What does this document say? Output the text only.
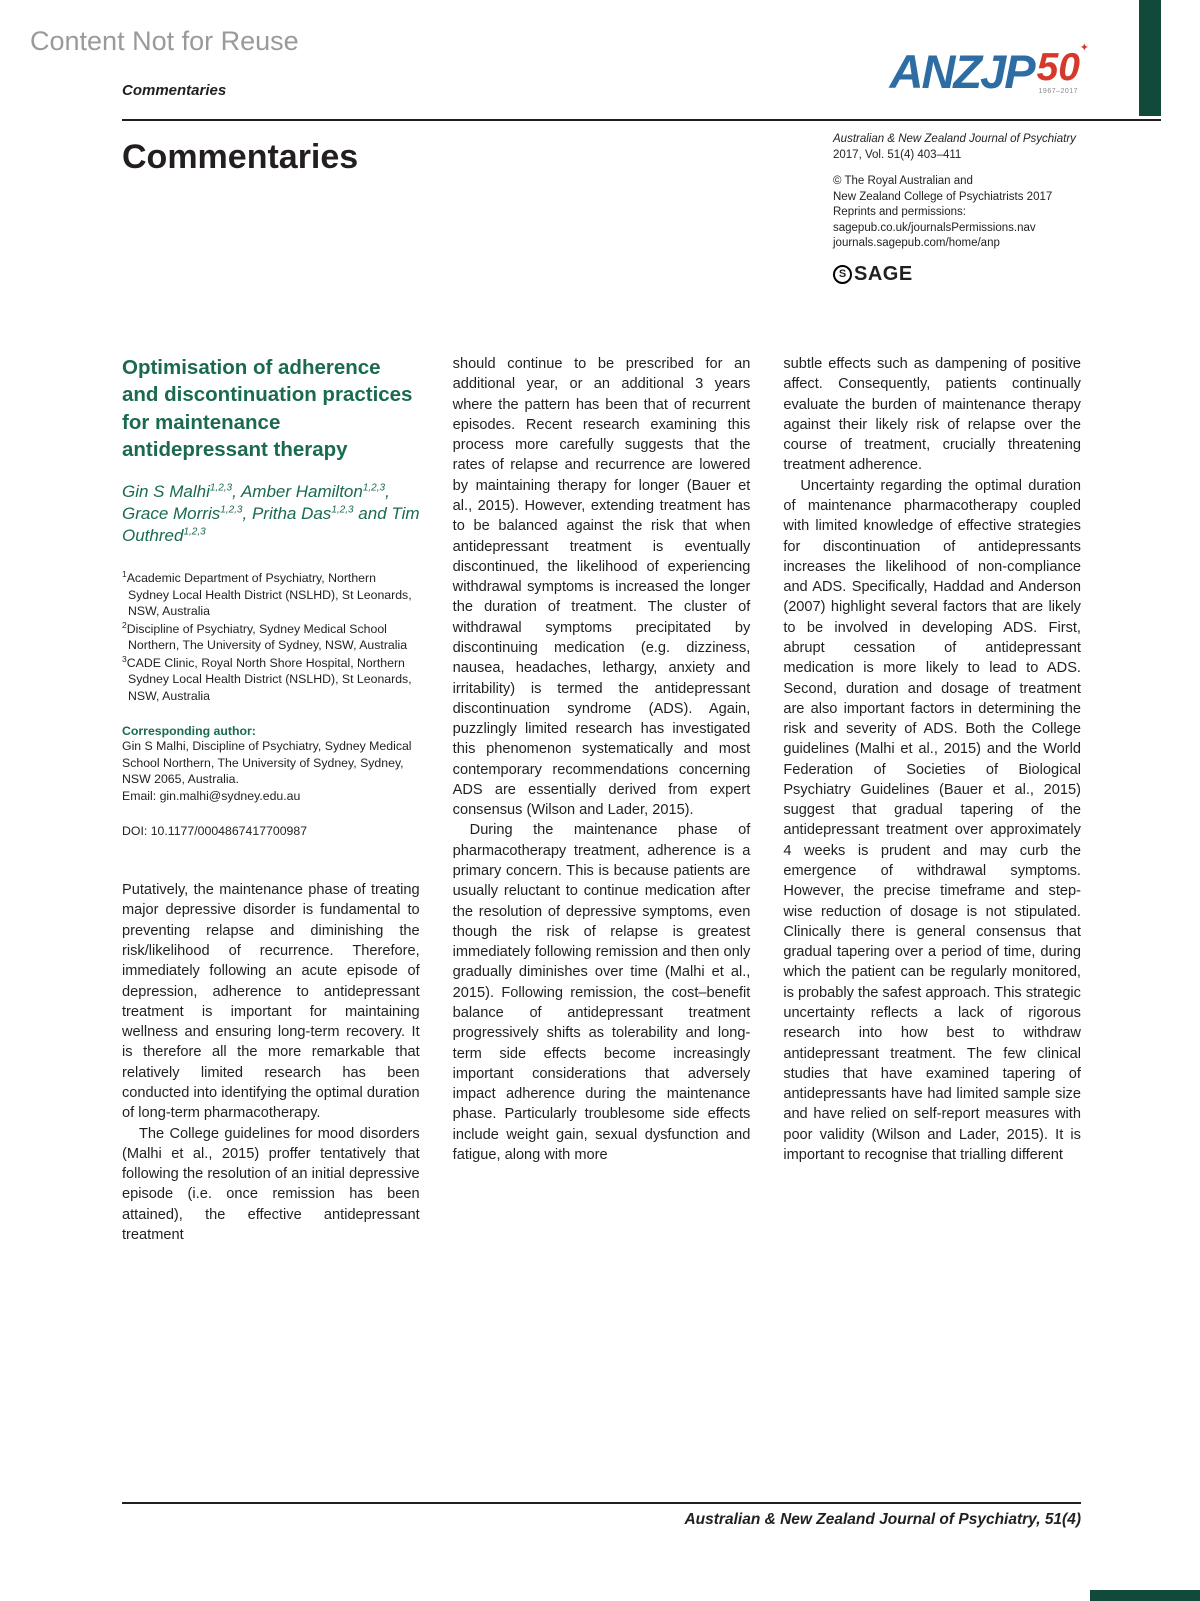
Content Not for Reuse
Commentaries	ANZJP	✦
50
1967–2017
Commentaries	Australian & New Zealand Journal of Psychiatry

2017, Vol. 51(4) 403–411

© The Royal Australian and

New Zealand College of Psychiatrists 2017

Reprints and permissions:

sagepub.co.uk/journalsPermissions.nav

journals.sagepub.com/home/anp

S SAGE
Optimisation of adherence and discontinuation practices for maintenance antidepressant therapy

Gin S Malhi$^{1,2,3}$, Amber Hamilton$^{1,2,3}$, Grace Morris$^{1,2,3}$, Pritha Das$^{1,2,3}$ and Tim Outhred$^{1,2,3}$

$^1$Academic Department of Psychiatry, Northern Sydney Local Health District (NSLHD), St Leonards, NSW, Australia

$^2$Discipline of Psychiatry, Sydney Medical School Northern, The University of Sydney, NSW, Australia

$^3$CADE Clinic, Royal North Shore Hospital, Northern Sydney Local Health District (NSLHD), St Leonards, NSW, Australia

Corresponding author:

Gin S Malhi, Discipline of Psychiatry, Sydney Medical School Northern, The University of Sydney, Sydney, NSW 2065, Australia.

Email: gin.malhi@sydney.edu.au

DOI: 10.1177/0004867417700987

Putatively, the maintenance phase of treating major depressive disorder is fundamental to preventing relapse and diminishing the risk/likelihood of recurrence. Therefore, immediately following an acute episode of depression, adherence to antidepressant treatment is important for maintaining wellness and ensuring long-term recovery. It is therefore all the more remarkable that relatively limited research has been conducted into identifying the optimal duration of long-term pharmacotherapy.

The College guidelines for mood disorders (Malhi et al., 2015) proffer tentatively that following the resolution of an initial depressive episode (i.e. once remission has been attained), the effective antidepressant treatment

should continue to be prescribed for an additional year, or an additional 3 years where the pattern has been that of recurrent episodes. Recent research examining this process more carefully suggests that the rates of relapse and recurrence are lowered by maintaining therapy for longer (Bauer et al., 2015). However, extending treatment has to be balanced against the risk that when antidepressant treatment is eventually discontinued, the likelihood of experiencing withdrawal symptoms is increased the longer the duration of treatment. The cluster of withdrawal symptoms precipitated by discontinuing medication (e.g. dizziness, nausea, headaches, lethargy, anxiety and irritability) is termed the antidepressant discontinuation syndrome (ADS). Again, puzzlingly limited research has investigated this phenomenon systematically and most contemporary recommendations concerning ADS are essentially derived from expert consensus (Wilson and Lader, 2015).

During the maintenance phase of pharmacotherapy treatment, adherence is a primary concern. This is because patients are usually reluctant to continue medication after the resolution of depressive symptoms, even though the risk of relapse is greatest immediately following remission and then only gradually diminishes over time (Malhi et al., 2015). Following remission, the cost–benefit balance of antidepressant treatment progressively shifts as tolerability and long-term side effects become increasingly important considerations that adversely impact adherence during the maintenance phase. Particularly troublesome side effects include weight gain, sexual dysfunction and fatigue, along with more

subtle effects such as dampening of positive affect. Consequently, patients continually evaluate the burden of maintenance therapy against their likely risk of relapse over the course of treatment, crucially threatening treatment adherence.

Uncertainty regarding the optimal duration of maintenance pharmacotherapy coupled with limited knowledge of effective strategies for discontinuation of antidepressants increases the likelihood of non-compliance and ADS. Specifically, Haddad and Anderson (2007) highlight several factors that are likely to be involved in developing ADS. First, abrupt cessation of antidepressant medication is more likely to lead to ADS. Second, duration and dosage of treatment are also important factors in determining the risk and severity of ADS. Both the College guidelines (Malhi et al., 2015) and the World Federation of Societies of Biological Psychiatry Guidelines (Bauer et al., 2015) suggest that gradual tapering of the antidepressant treatment over approximately 4 weeks is prudent and may curb the emergence of withdrawal symptoms. However, the precise timeframe and step-wise reduction of dosage is not stipulated. Clinically there is general consensus that gradual tapering over a period of time, during which the patient can be regularly monitored, is probably the safest approach. This strategic uncertainty reflects a lack of rigorous research into how best to withdraw antidepressant treatment. The few clinical studies that have examined tapering of antidepressants have had limited sample size and have relied on self-report measures with poor validity (Wilson and Lader, 2015). It is important to recognise that trialling different

Australian & New Zealand Journal of Psychiatry, 51(4)
